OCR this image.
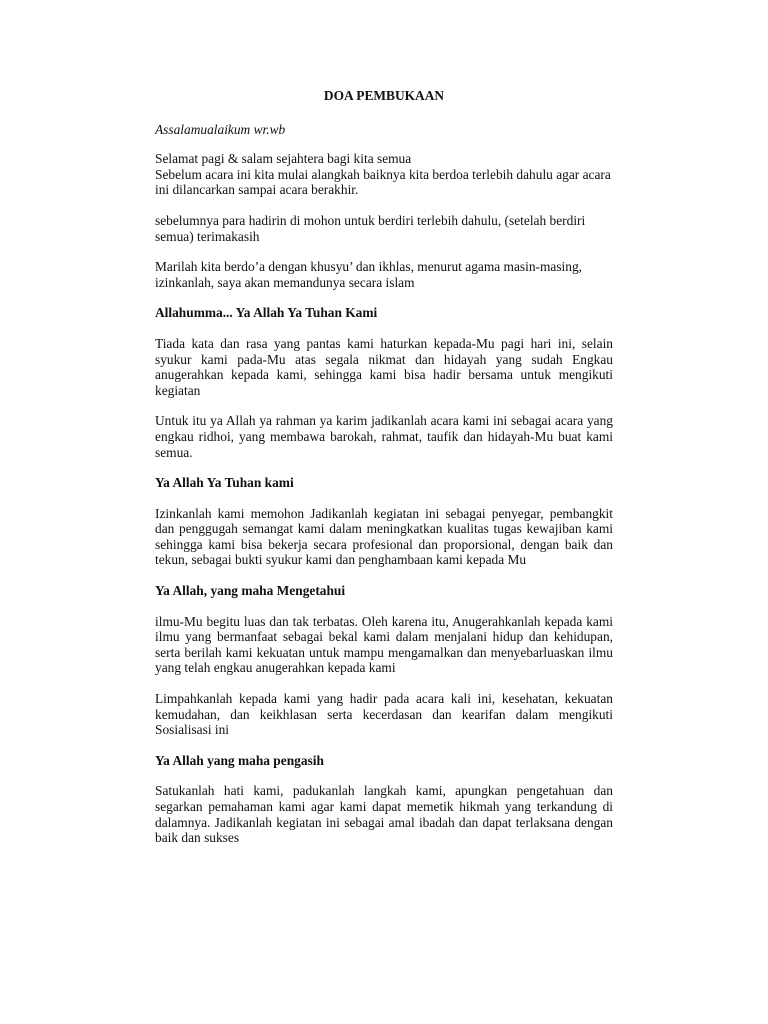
DOA PEMBUKAAN
Assalamualaikum wr.wb

Selamat pagi & salam sejahtera bagi kita semua
Sebelum acara ini kita mulai alangkah baiknya kita berdoa terlebih dahulu agar acara ini dilancarkan sampai acara berakhir.

sebelumnya para hadirin di mohon untuk berdiri terlebih dahulu, (setelah berdiri semua) terimakasih

Marilah kita berdo’a dengan khusyu’ dan ikhlas, menurut agama masin-masing, izinkanlah, saya akan memandunya secara islam

Allahumma... Ya Allah Ya Tuhan Kami

Tiada kata dan rasa yang pantas kami haturkan kepada-Mu pagi hari ini, selain syukur kami pada-Mu atas segala nikmat dan hidayah yang sudah Engkau anugerahkan kepada kami, sehingga kami bisa hadir bersama untuk mengikuti kegiatan

Untuk itu ya Allah ya rahman ya karim jadikanlah acara kami ini sebagai acara yang engkau ridhoi, yang membawa barokah, rahmat, taufik dan hidayah-Mu buat kami semua.

Ya Allah Ya Tuhan kami

Izinkanlah kami memohon Jadikanlah kegiatan ini sebagai penyegar, pembangkit dan penggugah semangat kami dalam meningkatkan kualitas tugas kewajiban kami sehingga kami bisa bekerja secara profesional dan proporsional, dengan baik dan tekun, sebagai bukti syukur kami dan penghambaan kami kepada Mu

Ya Allah, yang maha Mengetahui

ilmu-Mu begitu luas dan tak terbatas. Oleh karena itu, Anugerahkanlah kepada kami ilmu yang bermanfaat sebagai bekal kami dalam menjalani hidup dan kehidupan, serta berilah kami kekuatan untuk mampu mengamalkan dan menyebarluaskan ilmu yang telah engkau anugerahkan kepada kami

Limpahkanlah kepada kami yang hadir pada acara kali ini, kesehatan, kekuatan kemudahan, dan keikhlasan serta kecerdasan dan kearifan dalam mengikuti Sosialisasi ini

Ya Allah yang maha pengasih

Satukanlah hati kami, padukanlah langkah kami, apungkan pengetahuan dan segarkan pemahaman kami agar kami dapat memetik hikmah yang terkandung di dalamnya. Jadikanlah kegiatan ini sebagai amal ibadah dan dapat terlaksana dengan baik dan sukses
